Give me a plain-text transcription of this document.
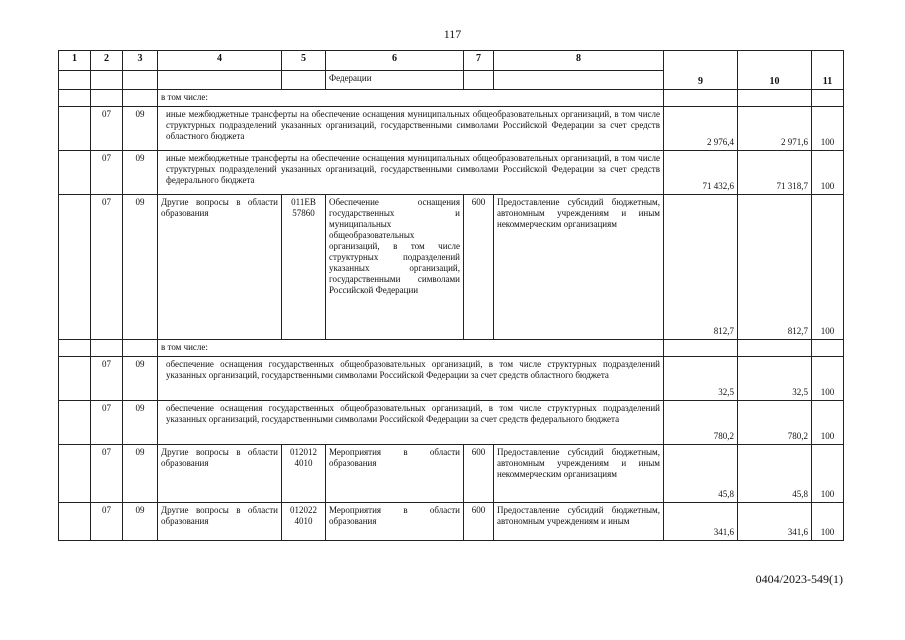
117
1	2	3	4	5	6	7	8	9	10	11
					Федерации					
			в том числе:							
	07	09	иные межбюджетные трансферты на обеспечение оснащения муниципальных общеобразовательных организаций, в том числе структурных подразделений указанных организаций, государственными символами Российской Федерации за счет средств областного бюджета					2 976,4	2 971,6	100
	07	09	иные межбюджетные трансферты на обеспечение оснащения муниципальных общеобразовательных организаций, в том числе структурных подразделений указанных организаций, государственными символами Российской Федерации за счет средств федерального бюджета					71 432,6	71 318,7	100
	07	09	Другие вопросы в области образования	011ЕВ 57860	Обеспечение оснащения государственных и муниципальных общеобразовательных организаций, в том числе структурных подразделений указанных организаций, государственными символами Российской Федерации	600	Предоставление субсидий бюджетным, автономным учреждениям и иным некоммерческим организациям	812,7	812,7	100
			в том числе:							
	07	09	обеспечение оснащения государственных общеобразовательных организаций, в том числе структурных подразделений указанных организаций, государственными символами Российской Федерации за счет средств областного бюджета					32,5	32,5	100
	07	09	обеспечение оснащения государственных общеобразовательных организаций, в том числе структурных подразделений указанных организаций, государственными символами Российской Федерации за счет средств федерального бюджета					780,2	780,2	100
	07	09	Другие вопросы в области образования	012012 4010	Мероприятия в области образования	600	Предоставление субсидий бюджетным, автономным учреждениям и иным некоммерческим организациям	45,8	45,8	100
	07	09	Другие вопросы в области образования	012022 4010	Мероприятия в области образования	600	Предоставление субсидий бюджетным, автономным учреждениям и иным	341,6	341,6	100
0404/2023-549(1)
